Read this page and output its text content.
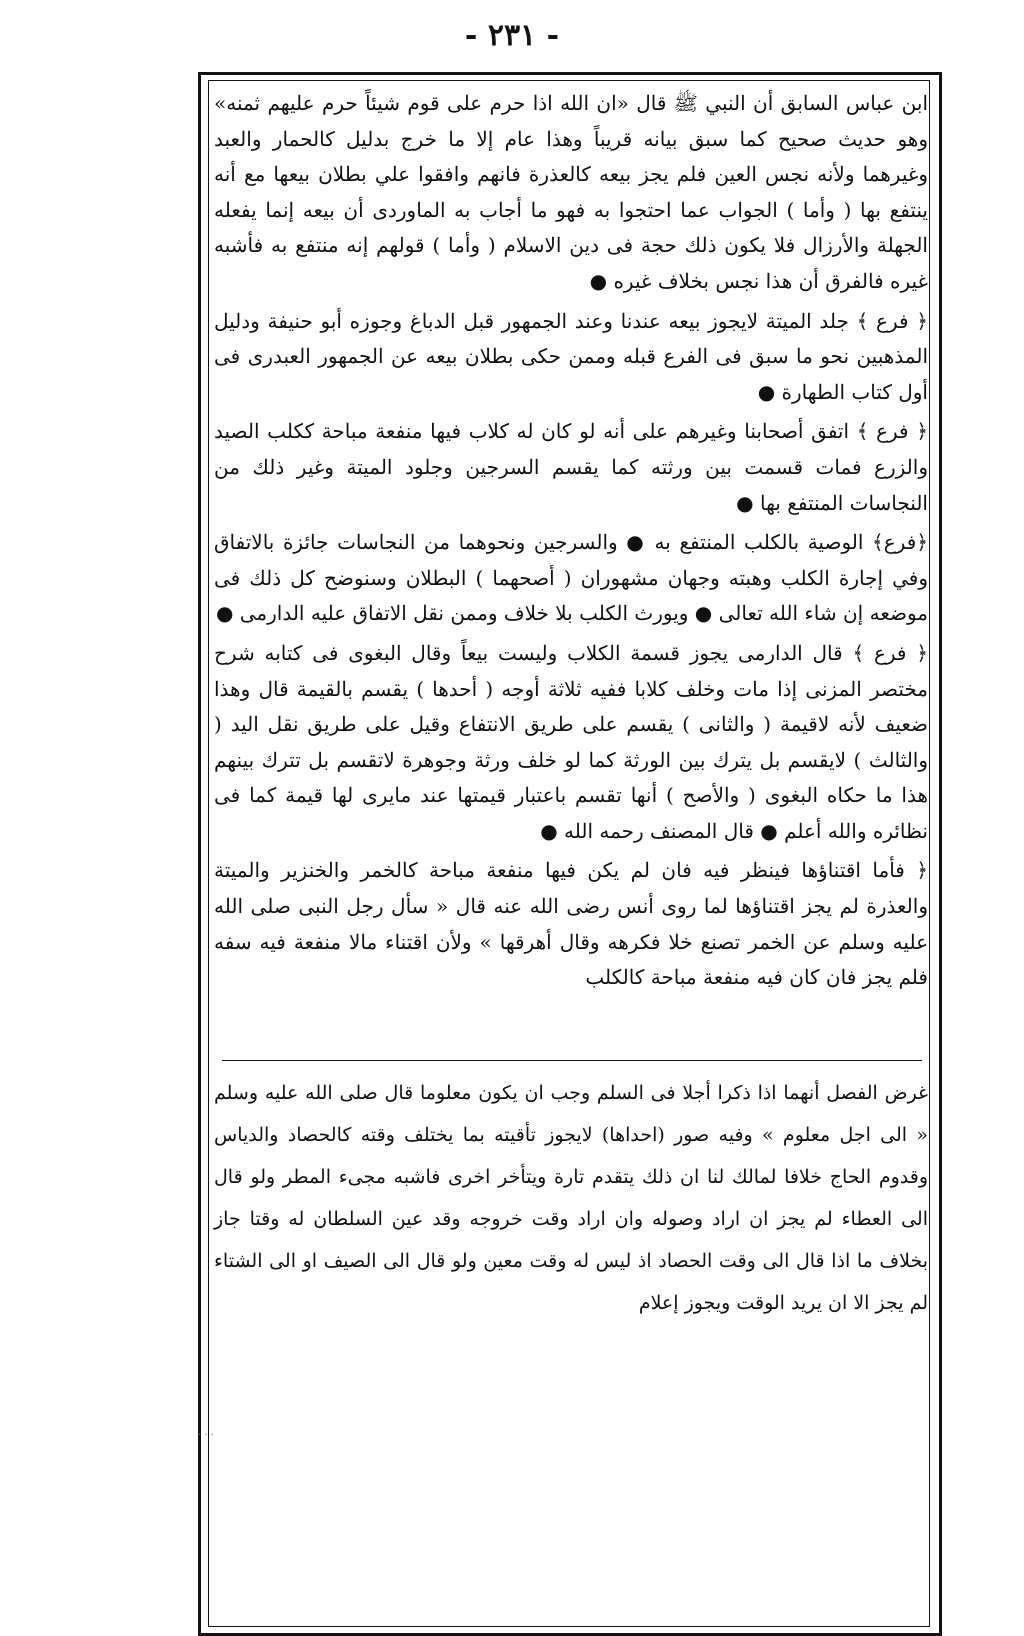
- ٢٣١ -

ابن عباس السابق أن النبي ﷺ قال «ان الله اذا حرم على قوم شيئاً حرم عليهم ثمنه» وهو حديث صحيح كما سبق بيانه قريباً وهذا عام إلا ما خرج بدليل كالحمار والعبد وغيرهما ولأنه نجس العين فلم يجز بيعه كالعذرة فانهم وافقوا علي بطلان بيعها مع أنه ينتفع بها ( وأما ) الجواب عما احتجوا به فهو ما أجاب به الماوردى أن بيعه إنما يفعله الجهلة والأرزال فلا يكون ذلك حجة فى دين الاسلام ( وأما ) قولهم إنه منتفع به فأشبه غيره فالفرق أن هذا نجس بخلاف غيره ●

﴿ فرع ﴾ جلد الميتة لايجوز بيعه عندنا وعند الجمهور قبل الدباغ وجوزه أبو حنيفة ودليل المذهبين نحو ما سبق فى الفرع قبله وممن حكى بطلان بيعه عن الجمهور العبدرى فى أول كتاب الطهارة ●

﴿ فرع ﴾ اتفق أصحابنا وغيرهم على أنه لو كان له كلاب فيها منفعة مباحة ككلب الصيد والزرع فمات قسمت بين ورثته كما يقسم السرجين وجلود الميتة وغير ذلك من النجاسات المنتفع بها ●

﴿فرع﴾ الوصية بالكلب المنتفع به ● والسرجين ونحوهما من النجاسات جائزة بالاتفاق وفي إجارة الكلب وهبته وجهان مشهوران ( أصحهما ) البطلان وسنوضح كل ذلك فى موضعه إن شاء الله تعالى ● ويورث الكلب بلا خلاف وممن نقل الاتفاق عليه الدارمى ●

﴿ فرع ﴾ قال الدارمى يجوز قسمة الكلاب وليست بيعاً وقال البغوى فى كتابه شرح مختصر المزنى إذا مات وخلف كلابا ففيه ثلاثة أوجه ( أحدها ) يقسم بالقيمة قال وهذا ضعيف لأنه لاقيمة ( والثانى ) يقسم على طريق الانتفاع وقيل على طريق نقل اليد ( والثالث ) لايقسم بل يترك بين الورثة كما لو خلف ورثة وجوهرة لاتقسم بل تترك بينهم هذا ما حكاه البغوى ( والأصح ) أنها تقسم باعتبار قيمتها عند مايرى لها قيمة كما فى نظائره والله أعلم ● قال المصنف رحمه الله ●

﴿ فأما اقتناؤها فينظر فيه فان لم يكن فيها منفعة مباحة كالخمر والخنزير والميتة والعذرة لم يجز اقتناؤها لما روى أنس رضى الله عنه قال « سأل رجل النبى صلى الله عليه وسلم عن الخمر تصنع خلا فكرهه وقال أهرقها » ولأن اقتناء مالا منفعة فيه سفه فلم يجز فان كان فيه منفعة مباحة كالكلب

غرض الفصل أنهما اذا ذكرا أجلا فى السلم وجب ان يكون معلوما قال صلى الله عليه وسلم « الى اجل معلوم » وفيه صور (احداها) لايجوز تأقيته بما يختلف وقته كالحصاد والدياس وقدوم الحاج خلافا لمالك لنا ان ذلك يتقدم تارة ويتأخر اخرى فاشبه مجىء المطر ولو قال الى العطاء لم يجز ان اراد وصوله وان اراد وقت خروجه وقد عين السلطان له وقتا جاز بخلاف ما اذا قال الى وقت الحصاد اذ ليس له وقت معين ولو قال الى الصيف او الى الشتاء لم يجز الا ان يريد الوقت ويجوز إعلام

· · ·
